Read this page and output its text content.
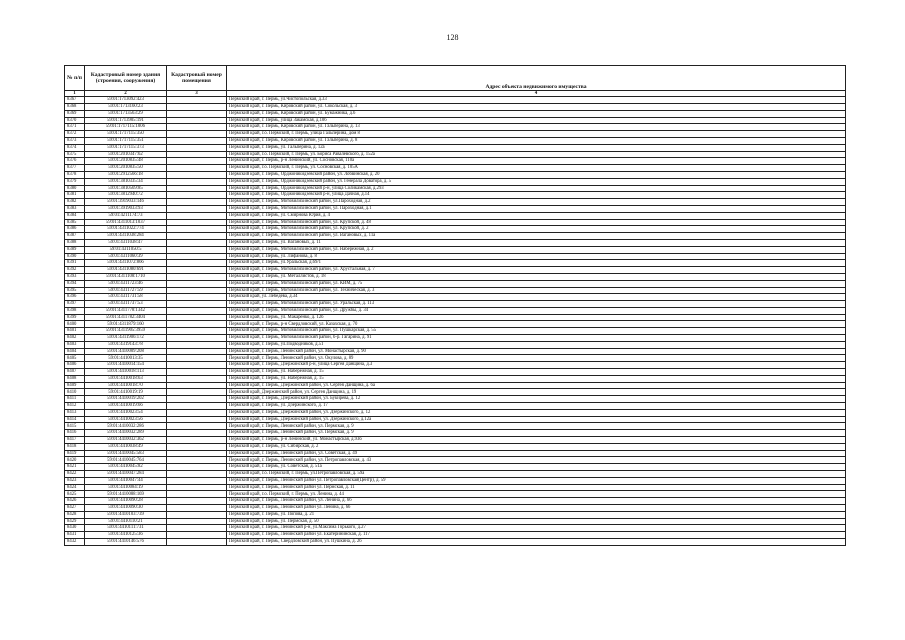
128
№ п/п	Кадастровый номер здания (строения, сооружения)	Кадастровый номер помещения	Адрес объекта недвижимого имущества
1	2	3	4
8367	59:01:1713092:423		Пермский край, г. Пермь, ул.Чистопольская, д.33
8368	59:01:1713160:23		Пермский край, г. Пермь, Кировский район, ул. Сокольская, д. 3
8369	59:01:1713563:29		Пермский край, г. Пермь, Кировский район, ул. Бумажника, д.6
8370	59:01:1713905:191		Пермский край, г. Пермь, улица Закамская, д.106
8371	59:01:1717115:1006		Пермский край, г. Пермь, Кировский район, ул. Гальперина, д. 13
8372	59:01:1717115:350		Пермский край, г.о. Пермский, г. Пермь, улица Гальперина, дом 8
8373	59:01:1717115:351		Пермский край, г. Пермь, Кировский район, ул. Гальперина, д. 8
8374	59:01:1717115:373		Пермский край, г. Пермь, ул. Гальперина, д. 12а
8375	59:01:2010347:62		Пермский край, г.о. Пермский, г. Пермь, ул. Бориса Равалевского, д. 152а
8376	59:01:2010835:48		Пермский край, г. Пермь, р-н Ленинский, ул. Сосновская, 110а
8377	59:01:2010835:50		Пермский край, г.о. Пермский, г. Пермь, ул. Сосновская, д. 105А
8378	59:01:2912566:18		Пермский край, г. Пермь, Орджоникидзевский район, ул. Лобвинская, д. 20
8379	59:01:3810335:34		Пермский край, г. Пермь, Орджоникидзевский район, ул. Генерала Доватора, д. 5
8380	59:01:3810569:85		Пермский край, г. Пермь, Орджоникидзевский р-н, улица Соликамская, д.293
8381	59:01:3812940:72		Пермский край, г. Пермь, Орджоникидзевский р-н, улица Дачная, д.14
8382	59:01:3919033:146		Пермский край, г. Пермь, Мотовилихинский район, ул.Пароходная, д.2
8383	59:01:3919033:93		Пермский край, г. Пермь, Мотовилихинский район, ул. Пароходная, д.1
8384	59:01:4211174:73		Пермский край, г. Пермь, ул. Смирнова Юрия, д. 4
8385	59:01:4311013:1037		Пермский край, г. Пермь, Мотовилихинский район, ул. Крупской, д. 48
8386	59:01:4311022:774		Пермский край, г. Пермь, Мотовилихинский район, ул. Крупской, д. 2
8387	59:01:4311038:284		Пермский край, г. Пермь, Мотовилихинский район, ул. Вагановых, д. 11а
8388	59:01:4311038:47		Пермский край, г. Пермь, ул. Вагановых, д. 11
8389	59:01:4311050:5		Пермский край, г. Пермь, Мотовилихинский район, ул. Набережная, д. 2
8390	59:01:4311060:39		Пермский край, г. Пермь, ул. Лифанова, д. 8
8391	59:01:4311072:866		Пермский край, г. Пермь, ул.Уральская, д.69/1
8392	59:01:4311080:691		Пермский край, г. Пермь, Мотовилихинский район, ул. Хрустальная, д. 7
8393	59:01:4311108:1710		Пермский край, г. Пермь, ул. Металлистов, д. 18
8394	59:01:4311723:46		Пермский край, г. Пермь, Мотовилихинский район, ул. КИМ, д. 75
8395	59:01:4311727:59		Пермский край, г. Пермь, Мотовилихинский район, ул. Техническая, д. 3
8396	59:01:4311731:58		Пермский край, ул. Лебедева, д.34
8397	59:01:4311737:53		Пермский край, г. Пермь, Мотовилихинский район, ул. Уральская, д. 113
8398	59:01:4311778:1342		Пермский край, г. Пермь, Мотовилихинский район, ул. Дружбы, д. 34
8399	59:01:4311782:3404		Пермский край, г. Пермь, ул. Макаренко, д. 12б
8400	59:01:4311879:160		Пермский край, г. Пермь, р-н Свердловский, ул. Казахская, д. 70
8401	59:01:4311905:3959		Пермский край, г. Пермь, Мотовилихинский район, ул. Пушкарская, д. 55
8402	59:01:4311906:172		Пермский край, г. Пермь, Мотовилихинский район, б-р. Гагарина, д. 91
8403	59:01:4319143:78		Пермский край, г. Пермь, ул.Подводников, д.51
8404	59:01:4410009:208		Пермский край, г. Пермь, Ленинский район, ул. Монастырская, д. 90
8405	59:01:4410013:35		Пермский край, г. Пермь, Ленинский район, ул. Окулова, д. 89
8406	59:01:4410014:154		Пермский край, г. Пермь, Дзержинский р-н, улица Сергея Данщина, д.3
8407	59:01:4410018:113		Пермский край, г. Пермь, ул. Набережная, д. 15
8408	59:01:4410018:63		Пермский край, г. Пермь, ул. Набережная, д. 15
8409	59:01:4410018:70		Пермский край, г. Пермь, Дзержинский район, ул. Сергея Данщина, д. 6а
8410	59:01:4410019:19		Пермский край, Дзержинский район, ул. Сергея Данщина, д. 19
8411	59:01:4410019:202		Пермский край, г. Пермь, Дзержинский район, ул. Букирева, д. 12
8412	59:01:4410019:66		Пермский край, г. Пермь, ул. Дзержинского, д. 17
8413	59:01:4410023:54		Пермский край, г. Пермь, Дзержинский район, ул. Дзержинского, д. 12
8414	59:01:4410023:56		Пермский край, г. Пермь, Дзержинский район, ул. Дзержинского, д.12а
8415	59:01:4410032:286		Пермский край, г. Пермь, Ленинский район, ул. Пермская, д. 9
8416	59:01:4410032:289		Пермский край, г. Пермь, Ленинский район, ул. Пермская, д. 9
8417	59:01:4410032:362		Пермский край, г. Пермь, р-н Ленинский, ул. Монастырская, д.93б
8418	59:01:4410038:49		Пермский край, г. Пермь, ул. Сибирская, д. 2
8419	59:01:4410045:583		Пермский край, г. Пермь, Ленинский район, ул. Советская, д. 49
8420	59:01:4410045:764		Пермский край, г. Пермь, Ленинский район, ул. Петропавловская, д. 43
8421	59:01:4410045:82		Пермский край, г. Пермь, ул. Советская, д. 51а
8422	59:01:4410047:284		Пермский край, г.о. Пермский, г. Пермь, ул.Петропавловская, д. 59а
8423	59:01:4410047:44		Пермский край, г. Пермь, Ленинский район ул. Петропавловская(Центр), д. 59
8424	59:01:4410084:19		Пермский край, г. Пермь, Ленинский район ул. Пермская, д. 11
8425	59:01:4410088:169		Пермский край, г.о. Пермский, г. Пермь, ул. Ленина, д. 44
8426	59:01:4410090:28		Пермский край, г. Пермь, Ленинский район, ул. Ленина, д. 66
8427	59:01:4410090:30		Пермский край, г. Пермь, Ленинский район ул. Ленина, д. 66
8428	59:01:4410103:739		Пермский край, г. Пермь, ул. Попова, д. 21
8429	59:01:4410110:21		Пермский край, г. Пермь, ул. Пермская, д. 50
8430	59:01:4410111:731		Пермский край, г. Пермь, Ленинский р-н, ул.Максима Горького, д.27
8431	59:01:4410125:36		Пермский край, г. Пермь, Ленинский район ул. Екатерининская, д. 117
8432	59:01:4410146:576		Пермский край, г. Пермь, Свердловский район, ул. Пушкина, д. 26
